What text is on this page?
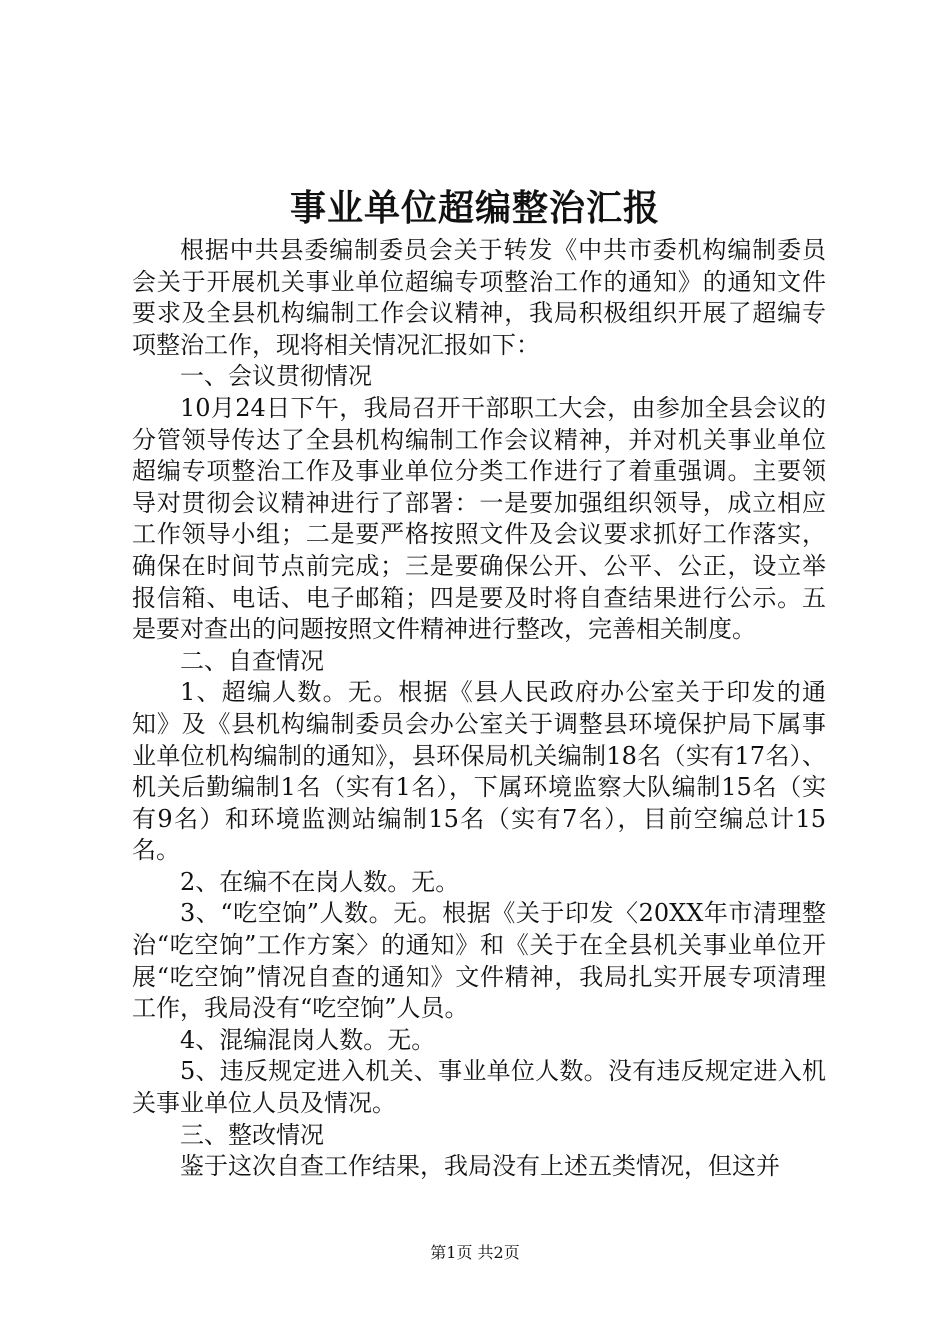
事业单位超编整治汇报

根据中共县委编制委员会关于转发《中共市委机构编制委员会关于开展机关事业单位超编专项整治工作的通知》的通知文件要求及全县机构编制工作会议精神，我局积极组织开展了超编专项整治工作，现将相关情况汇报如下：

一、会议贯彻情况

10月24日下午，我局召开干部职工大会，由参加全县会议的分管领导传达了全县机构编制工作会议精神，并对机关事业单位超编专项整治工作及事业单位分类工作进行了着重强调。主要领导对贯彻会议精神进行了部署：一是要加强组织领导，成立相应工作领导小组；二是要严格按照文件及会议要求抓好工作落实，确保在时间节点前完成；三是要确保公开、公平、公正，设立举报信箱、电话、电子邮箱；四是要及时将自查结果进行公示。五是要对查出的问题按照文件精神进行整改，完善相关制度。

二、自查情况

1、超编人数。无。根据《县人民政府办公室关于印发的通知》及《县机构编制委员会办公室关于调整县环境保护局下属事业单位机构编制的通知》，县环保局机关编制18名（实有17名）、机关后勤编制1名（实有1名），下属环境监察大队编制15名（实有9名）和环境监测站编制15名（实有7名），目前空编总计15名。

2、在编不在岗人数。无。

3、“吃空饷”人数。无。根据《关于印发〈20XX年市清理整治“吃空饷”工作方案〉的通知》和《关于在全县机关事业单位开展“吃空饷”情况自查的通知》文件精神，我局扎实开展专项清理工作，我局没有“吃空饷”人员。

4、混编混岗人数。无。

5、违反规定进入机关、事业单位人数。没有违反规定进入机关事业单位人员及情况。

三、整改情况

鉴于这次自查工作结果，我局没有上述五类情况，但这并

第1页 共2页
